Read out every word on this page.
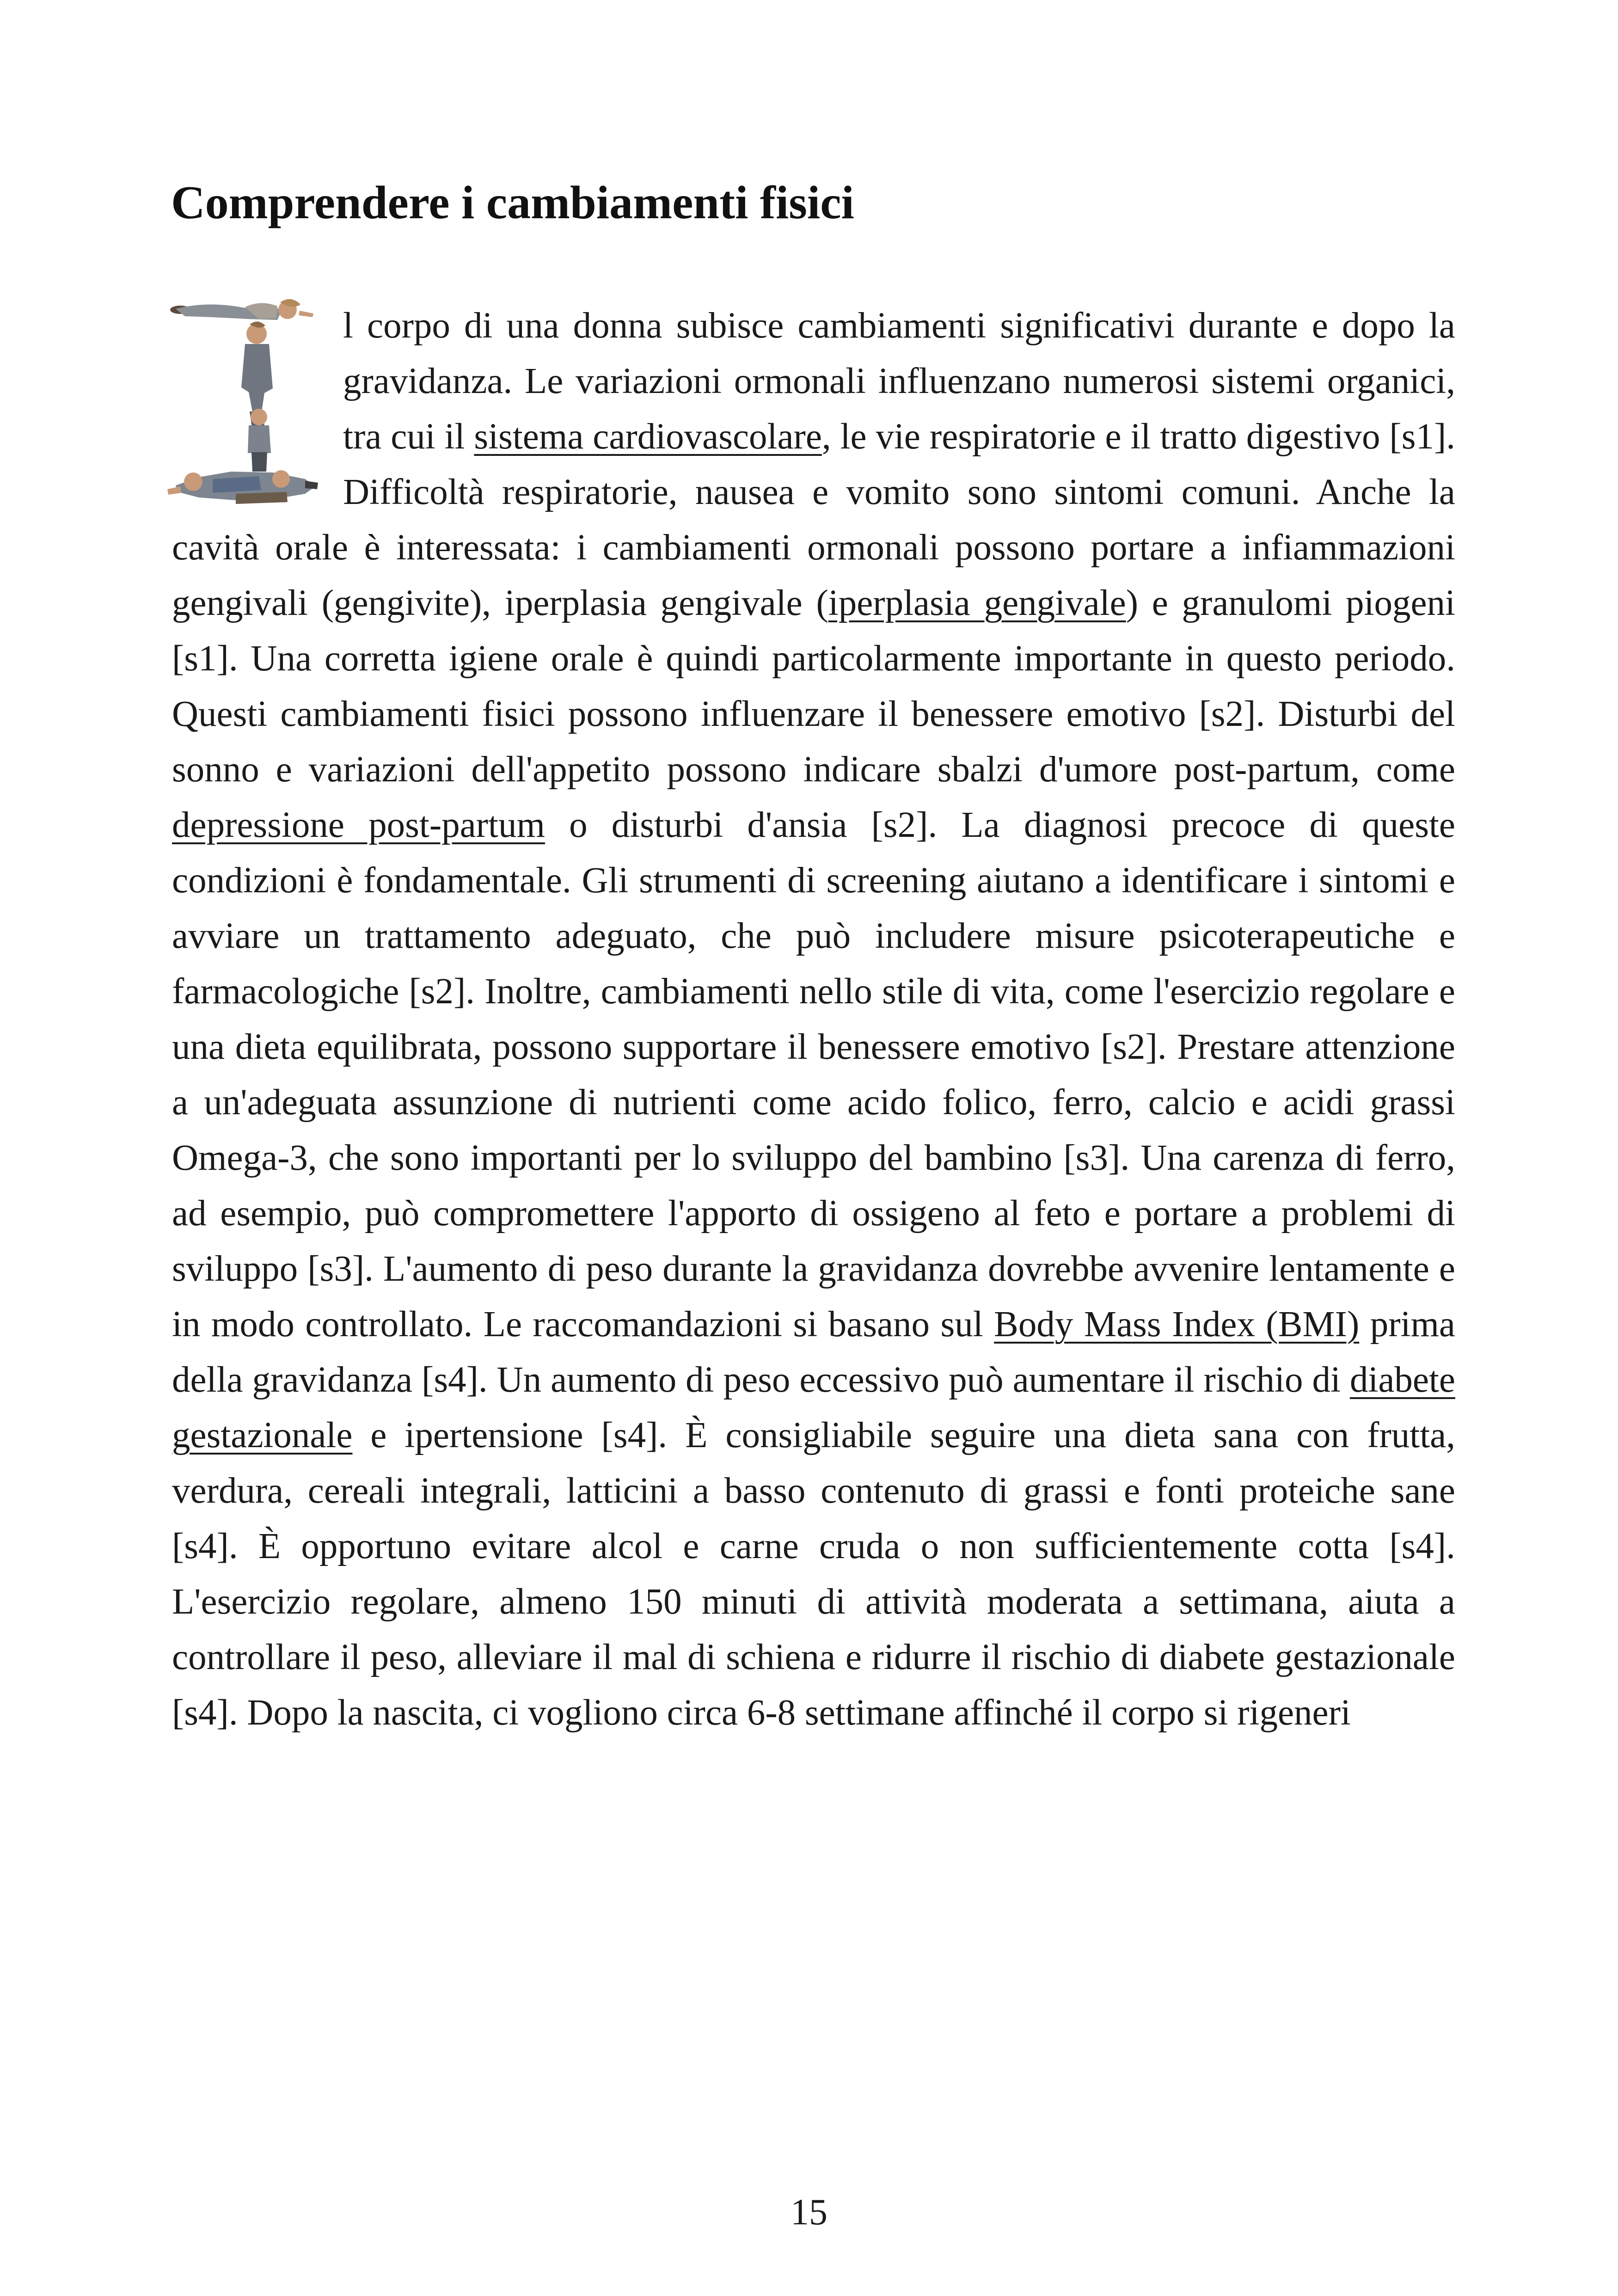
Comprendere i cambiamenti fisici

l corpo di una donna subisce cambiamenti significativi durante e dopo la gravidanza. Le variazioni ormonali influenzano numerosi sistemi organici, tra cui il sistema cardiovascolare, le vie respiratorie e il tratto digestivo [s1]. Difficoltà respiratorie, nausea e vomito sono sintomi comuni. Anche la cavità orale è interessata: i cambiamenti ormonali possono portare a infiammazioni gengivali (gengivite), iperplasia gengivale (iperplasia gengivale) e granulomi piogeni [s1]. Una corretta igiene orale è quindi particolarmente importante in questo periodo. Questi cambiamenti fisici possono influenzare il benessere emotivo [s2]. Disturbi del sonno e variazioni dell'appetito possono indicare sbalzi d'umore post-partum, come depressione post-partum o disturbi d'ansia [s2]. La diagnosi precoce di queste condizioni è fondamentale. Gli strumenti di screening aiutano a identificare i sintomi e avviare un trattamento adeguato, che può includere misure psicoterapeutiche e farmacologiche [s2]. Inoltre, cambiamenti nello stile di vita, come l'esercizio regolare e una dieta equilibrata, possono supportare il benessere emotivo [s2]. Prestare attenzione a un'adeguata assunzione di nutrienti come acido folico, ferro, calcio e acidi grassi Omega-3, che sono importanti per lo sviluppo del bambino [s3]. Una carenza di ferro, ad esempio, può compromettere l'apporto di ossigeno al feto e portare a problemi di sviluppo [s3]. L'aumento di peso durante la gravidanza dovrebbe avvenire lentamente e in modo controllato. Le raccomandazioni si basano sul Body Mass Index (BMI) prima della gravidanza [s4]. Un aumento di peso eccessivo può aumentare il rischio di diabete gestazionale e ipertensione [s4]. È consigliabile seguire una dieta sana con frutta, verdura, cereali integrali, latticini a basso contenuto di grassi e fonti proteiche sane [s4]. È opportuno evitare alcol e carne cruda o non sufficientemente cotta [s4]. L'esercizio regolare, almeno 150 minuti di attività moderata a settimana, aiuta a controllare il peso, alleviare il mal di schiena e ridurre il rischio di diabete gestazionale [s4]. Dopo la nascita, ci vogliono circa 6-8 settimane affinché il corpo si rigeneri

15
